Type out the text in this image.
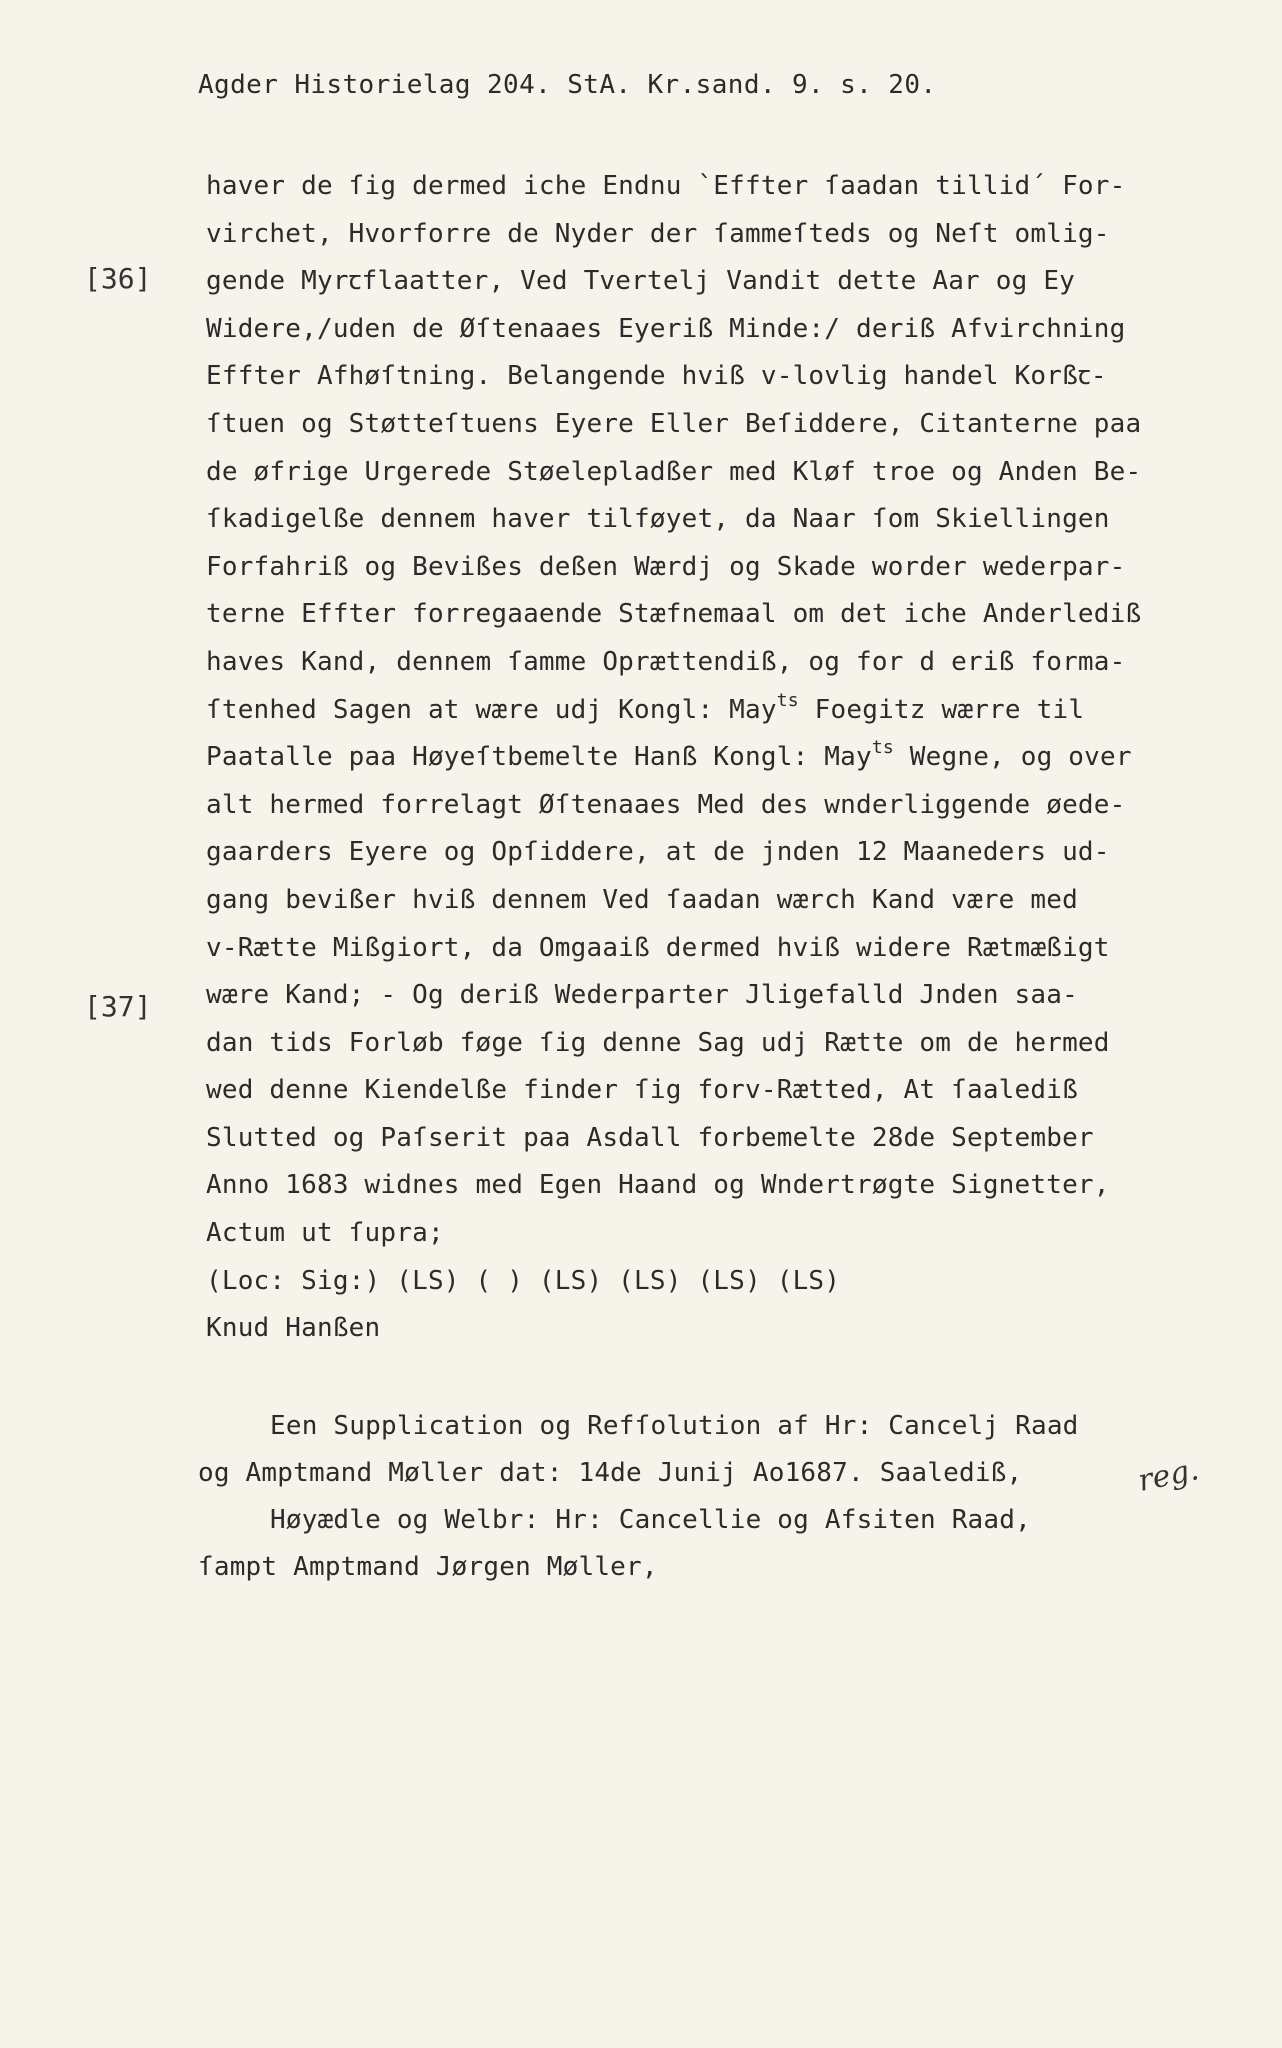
Agder Historielag 204. StA. Kr.sand. 9. s. 20.
[36]
[37]
haver de ſig dermed iche Endnu `Effter ſaadan tillid´ For-
virchet, Hvorforre de Nyder der ſammeſteds og Neſt omlig-
gende Myrꞇflaatter, Ved Tvertelj Vandit dette Aar og Ey
Widere,/uden de Øſtenaaes Eyeriß Minde:/ deriß Afvirchning
Effter Afhøſtning. Belangende hviß v-lovlig handel Korßꞇ-
ſtuen og Støtteſtuens Eyere Eller Beſiddere, Citanterne paa
de øfrige Urgerede Støelepladßer med Kløf troe og Anden Be-
ſkadigelße dennem haver tilføyet, da Naar ſom Skiellingen
Forfahriß og Bevißes deßen Wærdj og Skade worder wederpar-
terne Effter forregaaende Stæfnemaal om det iche Anderlediß
haves Kand, dennem ſamme Oprættendiß, og for d eriß forma-
ſtenhed Sagen at wære udj Kongl: May$^{ts}$ Foegitz wærre til
Paatalle paa Høyeſtbemelte Hanß Kongl: May$^{ts}$ Wegne, og over
alt hermed forrelagt Øſtenaaes Med des wnderliggende øede-
gaarders Eyere og Opſiddere, at de jnden 12 Maaneders ud-
gang bevißer hviß dennem Ved ſaadan wærch Kand være med
v-Rætte Mißgiort, da Omgaaiß dermed hviß widere Rætmæßigt
wære Kand; - Og deriß Wederparter Jligefalld Jnden saa-
dan tids Forløb føge ſig denne Sag udj Rætte om de hermed
wed denne Kiendelße finder ſig forv-Rætted, At ſaalediß
Slutted og Paſserit paa Asdall forbemelte 28de September
Anno 1683 widnes med Egen Haand og Wndertrøgte Signetter,
Actum ut ſupra;
(Loc: Sig:) (LS) ( ) (LS) (LS) (LS) (LS)
Knud Hanßen
Een Supplication og Refſolution af Hr: Cancelj Raad
og Amptmand Møller dat: 14de Junij Ao1687. Saalediß,
Høyædle og Welbr: Hr: Cancellie og Afsiten Raad,
ſampt Amptmand Jørgen Møller,
reg.
